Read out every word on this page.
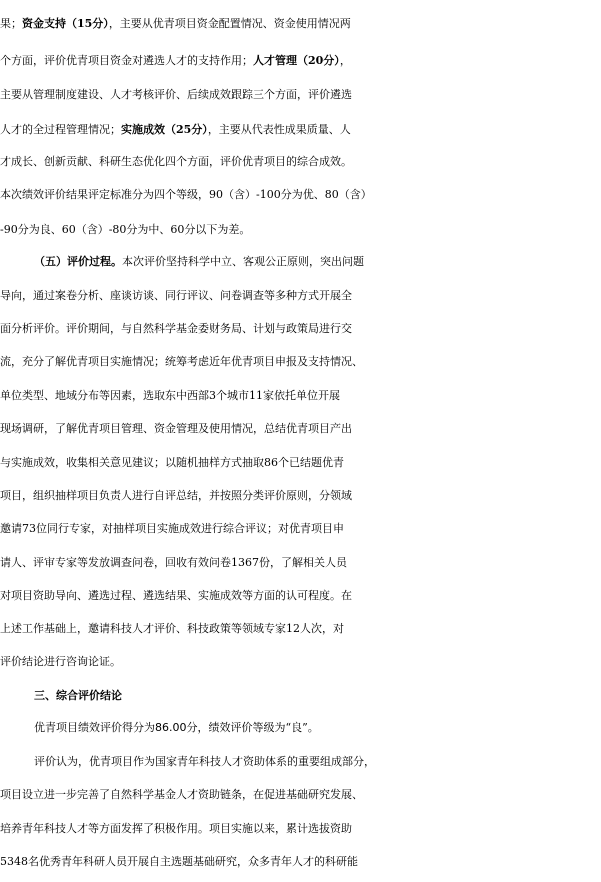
果；资金支持（15分），主要从优青项目资金配置情况、资金使用情况两
个方面，评价优青项目资金对遴选人才的支持作用；人才管理（20分），
主要从管理制度建设、人才考核评价、后续成效跟踪三个方面，评价遴选
人才的全过程管理情况；实施成效（25分），主要从代表性成果质量、人
才成长、创新贡献、科研生态优化四个方面，评价优青项目的综合成效。
本次绩效评价结果评定标准分为四个等级，90（含）-100分为优、80（含）
-90分为良、60（含）-80分为中、60分以下为差。
（五）评价过程。本次评价坚持科学中立、客观公正原则，突出问题
导向，通过案卷分析、座谈访谈、同行评议、问卷调查等多种方式开展全
面分析评价。评价期间，与自然科学基金委财务局、计划与政策局进行交
流，充分了解优青项目实施情况；统筹考虑近年优青项目申报及支持情况、
单位类型、地域分布等因素，选取东中西部3个城市11家依托单位开展
现场调研，了解优青项目管理、资金管理及使用情况，总结优青项目产出
与实施成效，收集相关意见建议；以随机抽样方式抽取86个已结题优青
项目，组织抽样项目负责人进行自评总结，并按照分类评价原则，分领域
邀请73位同行专家，对抽样项目实施成效进行综合评议；对优青项目申
请人、评审专家等发放调查问卷，回收有效问卷1367份，了解相关人员
对项目资助导向、遴选过程、遴选结果、实施成效等方面的认可程度。在
上述工作基础上，邀请科技人才评价、科技政策等领域专家12人次，对
评价结论进行咨询论证。
三、综合评价结论
优青项目绩效评价得分为86.00分，绩效评价等级为“良”。
评价认为，优青项目作为国家青年科技人才资助体系的重要组成部分，
项目设立进一步完善了自然科学基金人才资助链条，在促进基础研究发展、
培养青年科技人才等方面发挥了积极作用。项目实施以来，累计选拔资助
5348名优秀青年科研人员开展自主选题基础研究，众多青年人才的科研能
